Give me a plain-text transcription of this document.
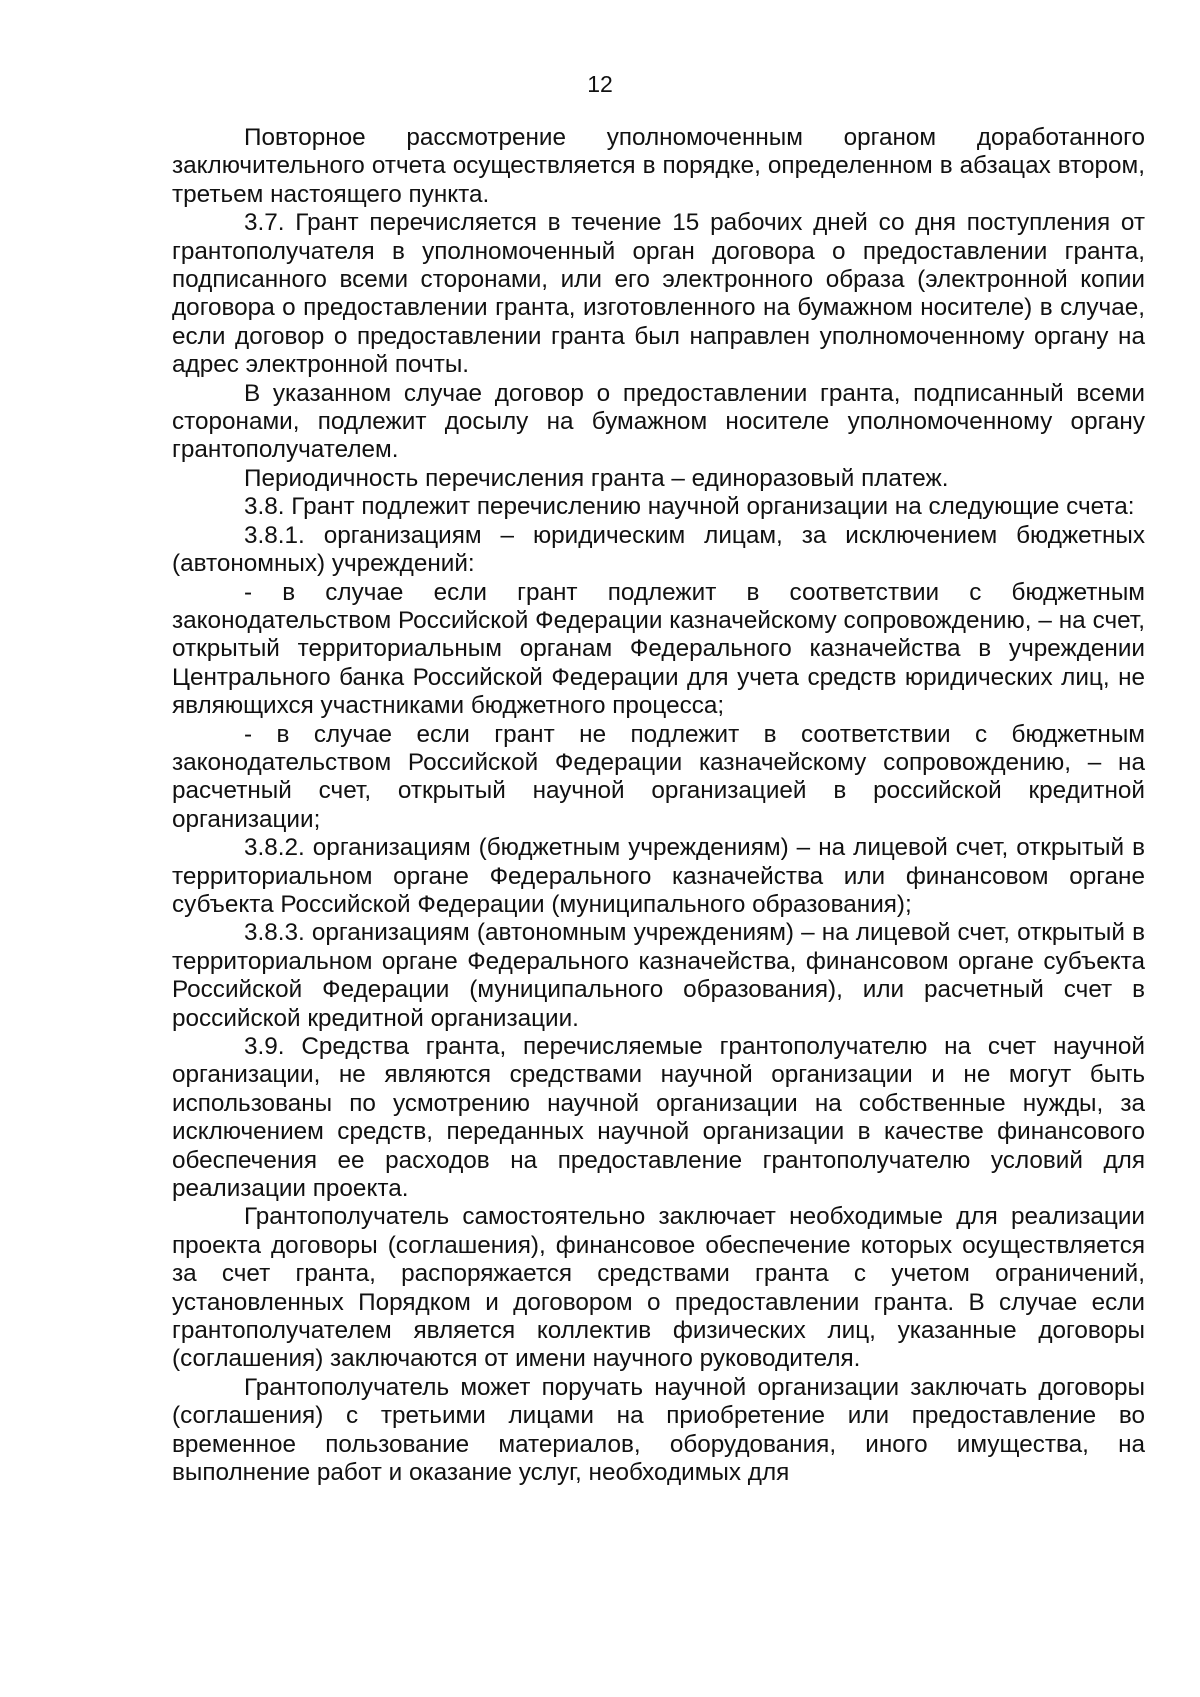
12

Повторное рассмотрение уполномоченным органом доработанного заключительного отчета осуществляется в порядке, определенном в абзацах втором, третьем настоящего пункта.

3.7. Грант перечисляется в течение 15 рабочих дней со дня поступления от грантополучателя в уполномоченный орган договора о предоставлении гранта, подписанного всеми сторонами, или его электронного образа (электронной копии договора о предоставлении гранта, изготовленного на бумажном носителе) в случае, если договор о предоставлении гранта был направлен уполномоченному органу на адрес электронной почты.

В указанном случае договор о предоставлении гранта, подписанный всеми сторонами, подлежит досылу на бумажном носителе уполномоченному органу грантополучателем.

Периодичность перечисления гранта – единоразовый платеж.

3.8. Грант подлежит перечислению научной организации на следующие счета:

3.8.1. организациям – юридическим лицам, за исключением бюджетных (автономных) учреждений:

- в случае если грант подлежит в соответствии с бюджетным законодательством Российской Федерации казначейскому сопровождению, – на счет, открытый территориальным органам Федерального казначейства в учреждении Центрального банка Российской Федерации для учета средств юридических лиц, не являющихся участниками бюджетного процесса;

- в случае если грант не подлежит в соответствии с бюджетным законодательством Российской Федерации казначейскому сопровождению, – на расчетный счет, открытый научной организацией в российской кредитной организации;

3.8.2. организациям (бюджетным учреждениям) – на лицевой счет, открытый в территориальном органе Федерального казначейства или финансовом органе субъекта Российской Федерации (муниципального образования);

3.8.3. организациям (автономным учреждениям) – на лицевой счет, открытый в территориальном органе Федерального казначейства, финансовом органе субъекта Российской Федерации (муниципального образования), или расчетный счет в российской кредитной организации.

3.9. Средства гранта, перечисляемые грантополучателю на счет научной организации, не являются средствами научной организации и не могут быть использованы по усмотрению научной организации на собственные нужды, за исключением средств, переданных научной организации в качестве финансового обеспечения ее расходов на предоставление грантополучателю условий для реализации проекта.

Грантополучатель самостоятельно заключает необходимые для реализации проекта договоры (соглашения), финансовое обеспечение которых осуществляется за счет гранта, распоряжается средствами гранта с учетом ограничений, установленных Порядком и договором о предоставлении гранта. В случае если грантополучателем является коллектив физических лиц, указанные договоры (соглашения) заключаются от имени научного руководителя.

Грантополучатель может поручать научной организации заключать договоры (соглашения) с третьими лицами на приобретение или предоставление во временное пользование материалов, оборудования, иного имущества, на выполнение работ и оказание услуг, необходимых для
